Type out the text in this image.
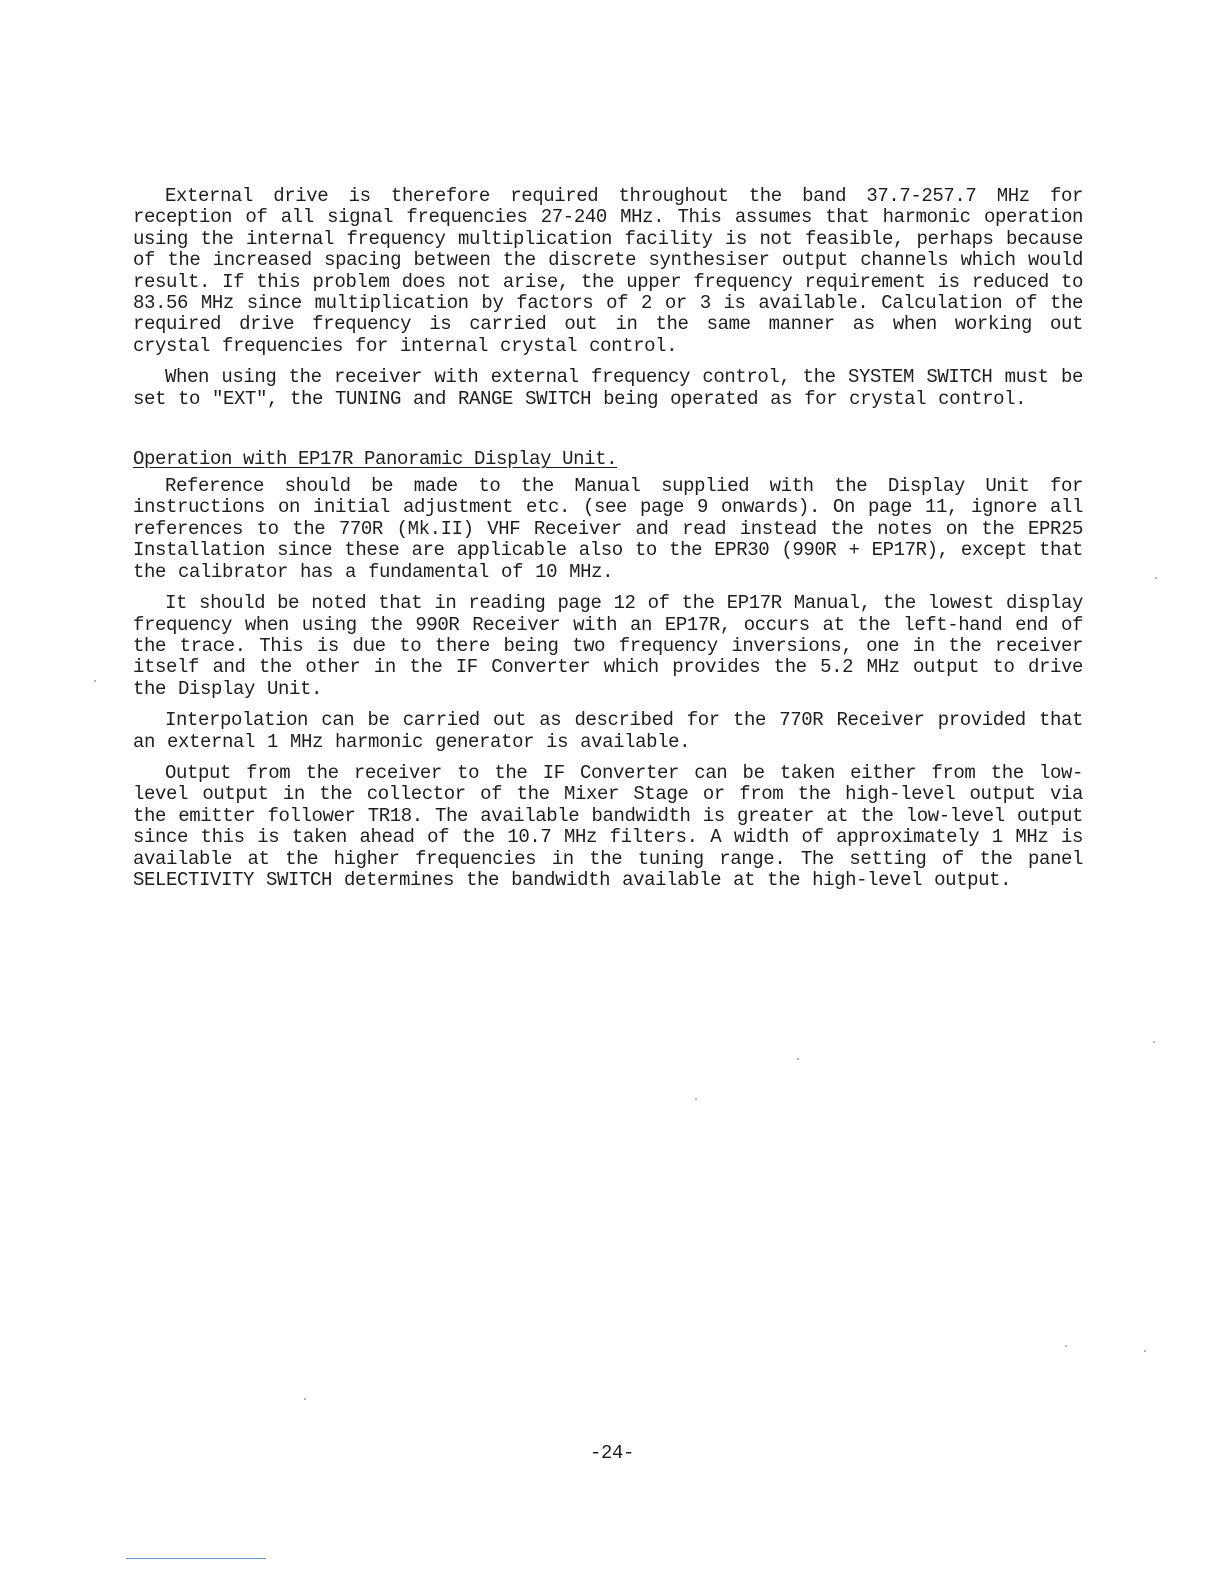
External drive is therefore required throughout the band 37.7-257.7 MHz for reception of all signal frequencies 27-240 MHz. This assumes that harmonic operation using the internal frequency multiplication facility is not feasible, perhaps because of the increased spacing between the discrete synthesiser output channels which would result. If this problem does not arise, the upper frequency requirement is reduced to 83.56 MHz since multiplication by factors of 2 or 3 is available. Calculation of the required drive frequency is carried out in the same manner as when working out crystal frequencies for internal crystal control.

When using the receiver with external frequency control, the SYSTEM SWITCH must be set to "EXT", the TUNING and RANGE SWITCH being operated as for crystal control.

Operation with EP17R Panoramic Display Unit.

Reference should be made to the Manual supplied with the Display Unit for instructions on initial adjustment etc. (see page 9 onwards). On page 11, ignore all references to the 770R (Mk.II) VHF Receiver and read instead the notes on the EPR25 Installation since these are applicable also to the EPR30 (990R + EP17R), except that the calibrator has a fundamental of 10 MHz.

It should be noted that in reading page 12 of the EP17R Manual, the lowest display frequency when using the 990R Receiver with an EP17R, occurs at the left-hand end of the trace. This is due to there being two frequency inversions, one in the receiver itself and the other in the IF Converter which provides the 5.2 MHz output to drive the Display Unit.

Interpolation can be carried out as described for the 770R Receiver provided that an external 1 MHz harmonic generator is available.

Output from the receiver to the IF Converter can be taken either from the low-level output in the collector of the Mixer Stage or from the high-level output via the emitter follower TR18. The available bandwidth is greater at the low-level output since this is taken ahead of the 10.7 MHz filters. A width of approximately 1 MHz is available at the higher frequencies in the tuning range. The setting of the panel SELECTIVITY SWITCH determines the bandwidth available at the high-level output.

-24-
